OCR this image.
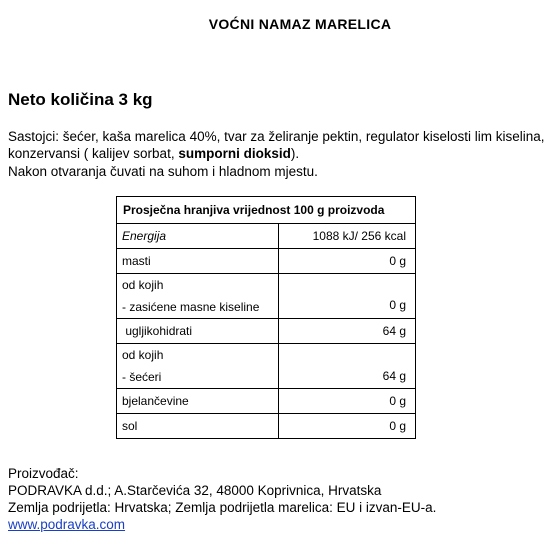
VOĆNI NAMAZ MARELICA
Neto količina 3 kg
Sastojci: šećer, kaša marelica 40%, tvar za želiranje pektin, regulator kiselosti lim kiselina, konzervansi ( kalijev sorbat, sumporni dioksid).
Nakon otvaranja čuvati na suhom i hladnom mjestu.
Prosječna hranjiva vrijednost 100 g proizvoda	
Energija	1088 kJ/ 256 kcal
masti	0 g

od kojih
- zasićene masne kiseline	0 g
ugljikohidrati	64 g

od kojih
- šećeri	64 g
bjelančevine	0 g
sol	0 g
Proizvođač:
PODRAVKA d.d.; A.Starčevića 32, 48000 Koprivnica, Hrvatska
Zemlja podrijetla: Hrvatska; Zemlja podrijetla marelica: EU i izvan-EU-a.
www.podravka.com
